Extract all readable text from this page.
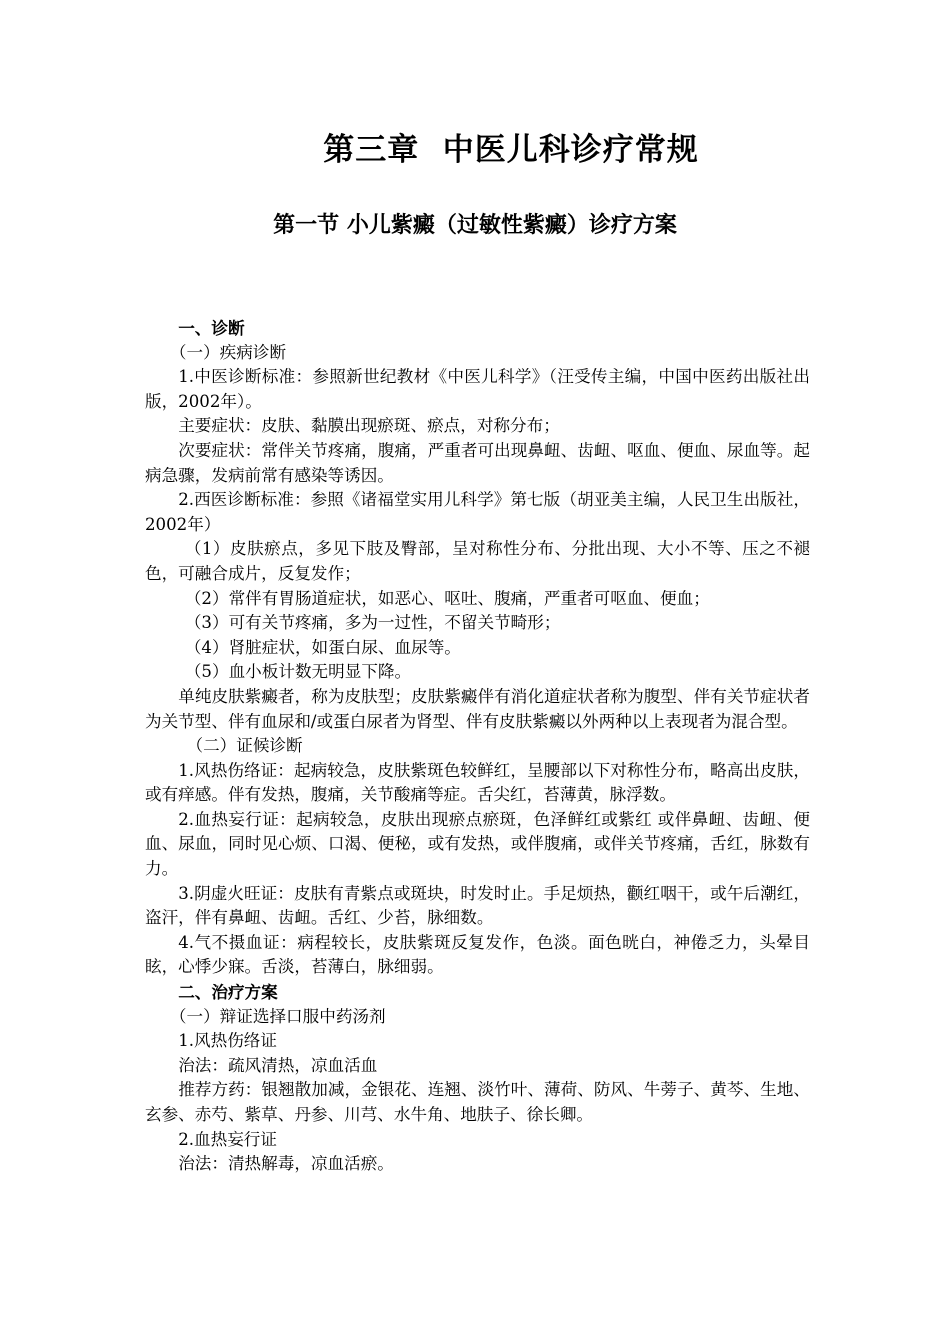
第三章  中医儿科诊疗常规
第一节 小儿紫癜（过敏性紫癜）诊疗方案

一、诊断

（一）疾病诊断

1.中医诊断标准：参照新世纪教材《中医儿科学》（汪受传主编，中国中医药出版社出版，2002年）。

主要症状：皮肤、黏膜出现瘀斑、瘀点，对称分布；

次要症状：常伴关节疼痛，腹痛，严重者可出现鼻衄、齿衄、呕血、便血、尿血等。起病急骤，发病前常有感染等诱因。

2.西医诊断标准：参照《诸福堂实用儿科学》第七版（胡亚美主编，人民卫生出版社，2002年）

（1）皮肤瘀点，多见下肢及臀部，呈对称性分布、分批出现、大小不等、压之不褪色，可融合成片，反复发作；

（2）常伴有胃肠道症状，如恶心、呕吐、腹痛，严重者可呕血、便血；

（3）可有关节疼痛，多为一过性，不留关节畸形；

（4）肾脏症状，如蛋白尿、血尿等。

（5）血小板计数无明显下降。

单纯皮肤紫癜者，称为皮肤型；皮肤紫癜伴有消化道症状者称为腹型、伴有关节症状者为关节型、伴有血尿和/或蛋白尿者为肾型、伴有皮肤紫癜以外两种以上表现者为混合型。

（二）证候诊断

1.风热伤络证：起病较急，皮肤紫斑色较鲜红，呈腰部以下对称性分布，略高出皮肤，或有痒感。伴有发热，腹痛，关节酸痛等症。舌尖红，苔薄黄，脉浮数。

2.血热妄行证：起病较急，皮肤出现瘀点瘀斑，色泽鲜红或紫红 或伴鼻衄、齿衄、便血、尿血，同时见心烦、口渴、便秘，或有发热，或伴腹痛，或伴关节疼痛，舌红，脉数有力。

3.阴虚火旺证：皮肤有青紫点或斑块，时发时止。手足烦热，颧红咽干，或午后潮红，盗汗，伴有鼻衄、齿衄。舌红、少苔，脉细数。

4.气不摄血证：病程较长，皮肤紫斑反复发作，色淡。面色晄白，神倦乏力，头晕目眩，心悸少寐。舌淡，苔薄白，脉细弱。

二、治疗方案

（一）辩证选择口服中药汤剂

1.风热伤络证

治法：疏风清热，凉血活血

推荐方药：银翘散加减，金银花、连翘、淡竹叶、薄荷、防风、牛蒡子、黄芩、生地、玄参、赤芍、紫草、丹参、川芎、水牛角、地肤子、徐长卿。

2.血热妄行证

治法：清热解毒，凉血活瘀。
